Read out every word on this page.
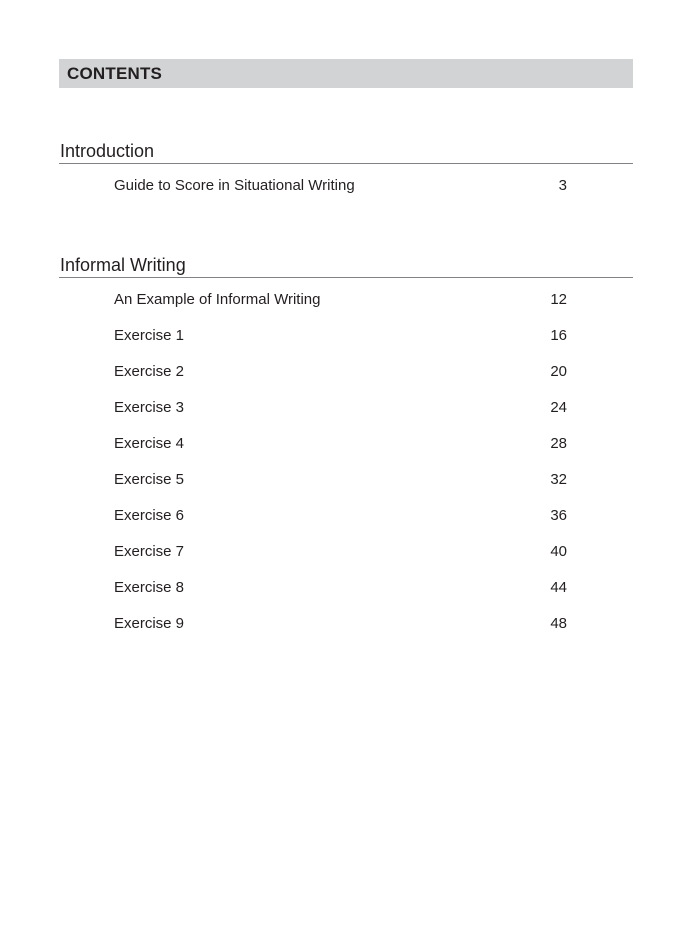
CONTENTS
Introduction
Guide to Score in Situational Writing	3
Informal Writing
An Example of Informal Writing	12
Exercise 1	16
Exercise 2	20
Exercise 3	24
Exercise 4	28
Exercise 5	32
Exercise 6	36
Exercise 7	40
Exercise 8	44
Exercise 9	48
